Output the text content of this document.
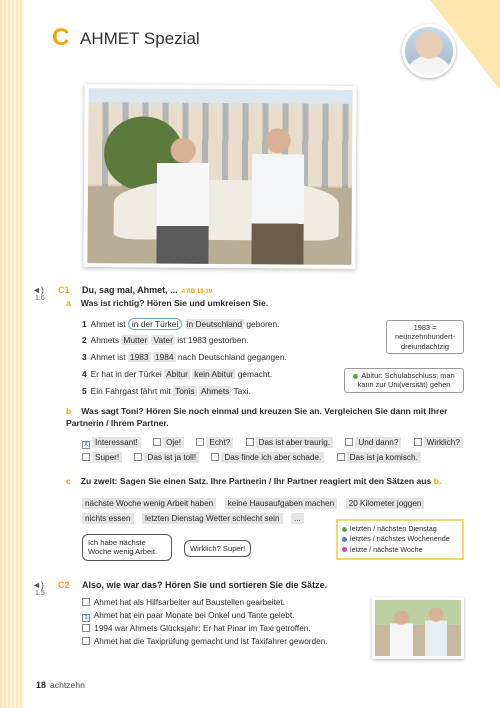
C AHMET Spezial
◄)
1.6
C1 Du, sag mal, Ahmet, ... 4 AB 18-19
a Was ist richtig? Hören Sie und umkreisen Sie.
1 Ahmet ist in der Türkei in Deutschland geboren.
2 Ahmets Mutter Vater ist 1983 gestorben.
3 Ahmet ist 1983 1984 nach Deutschland gegangen.
4 Er hat in der Türkei Abitur kein Abitur gemacht.
5 Ein Fahrgast fährt mit Tonis Ahmets Taxi.
1983 = neunzehnhundert-dreiundachtzig
Abitur: Schulabschluss; man kann zur Uni(versität) gehen
b Was sagt Toni? Hören Sie noch einmal und kreuzen Sie an. Vergleichen Sie dann mit Ihrer Partnerin / Ihrem Partner.
X Interessant!	Oje!	Echt?	Das ist aber traurig.	Und dann?	Wirklich?
Super!	Das ist ja toll!	Das finde ich aber schade.	Das ist ja komisch.
c Zu zweit: Sagen Sie einen Satz. Ihre Partnerin / Ihr Partner reagiert mit den Sätzen aus b.
nächste Woche wenig Arbeit haben keine Hausaufgaben machen 20 Kilometer joggen
nichts essen letzten Dienstag Wetter schlecht sein ...
Ich habe nächste Woche wenig Arbeit.	Wirklich? Super!
letzten / nächsten Dienstag
letztes / nächstes Wochenende
letzte / nächste Woche
◄)
1.5
C2 Also, wie war das? Hören Sie und sortieren Sie die Sätze.
Ahmet hat als Hilfsarbeiter auf Baustellen gearbeitet.
1 Ahmet hat ein paar Monate bei Onkel und Tante gelebt.
1994 war Ahmets Glücksjahr: Er hat Pinar im Taxi getroffen.
Ahmet hat die Taxiprüfung gemacht und ist Taxifahrer geworden.
18 achtzehn
